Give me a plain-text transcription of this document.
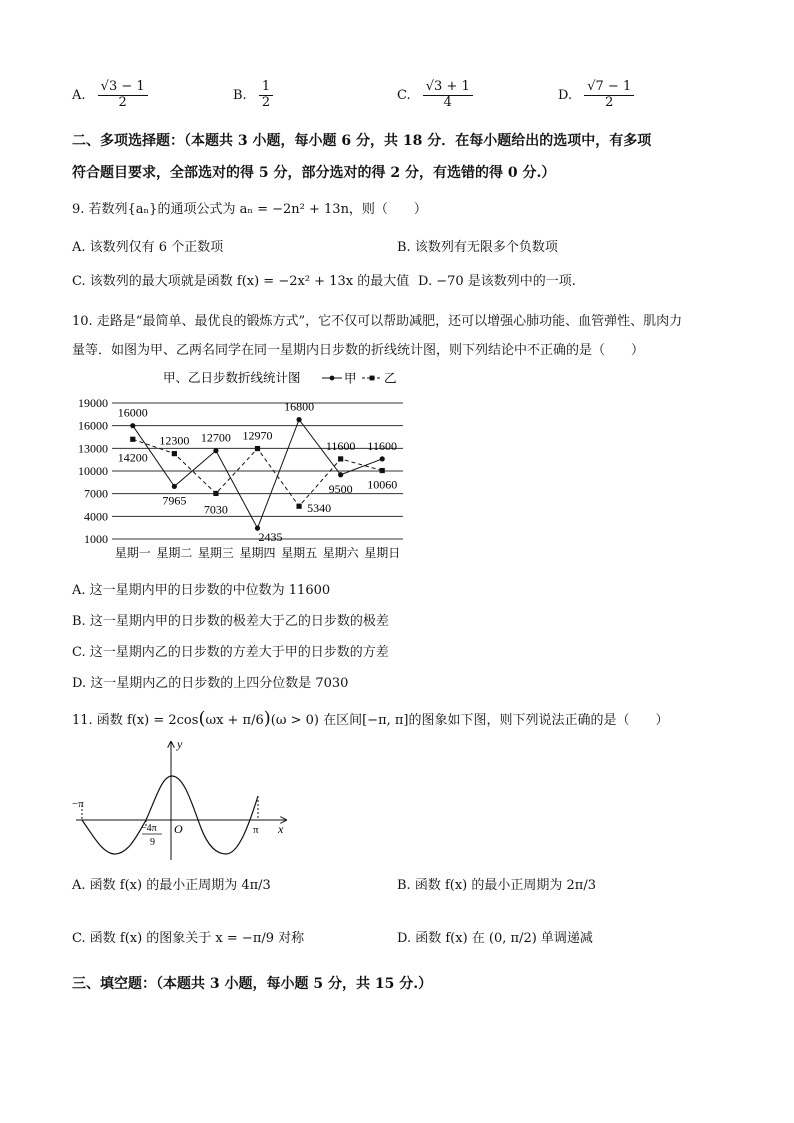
A. $\frac{√3 - 1}{2}$	B. $\frac{1}{2}$	C. $\frac{√3 + 1}{4}$	D. $\frac{√7 - 1}{2}$
二、多项选择题：（本题共 3 小题，每小题 6 分，共 18 分．在每小题给出的选项中，有多项
符合题目要求，全部选对的得 5 分，部分选对的得 2 分，有选错的得 0 分.）
9. 若数列{aₙ}的通项公式为 aₙ = −2n² + 13n，则（　　）
A. 该数列仅有 6 个正数项	B. 该数列有无限多个负数项
C. 该数列的最大项就是函数 f(x) = −2x² + 13x 的最大值 D. −70 是该数列中的一项.
10. 走路是“最简单、最优良的锻炼方式”，它不仅可以帮助减肥，还可以增强心肺功能、血管弹性、肌肉力
量等．如图为甲、乙两名同学在同一星期内日步数的折线统计图，则下列结论中不正确的是（　　）
甲、乙日步数折线统计图	甲 乙
19000
16000
13000
10000
7000
4000
1000
星期一 星期二 星期三 星期四 星期五 星期六 星期日
16000
7965
12700
2435
16800
9500
11600
14200
12300
7030
12970
5340
11600
10060
A. 这一星期内甲的日步数的中位数为 11600
B. 这一星期内甲的日步数的极差大于乙的日步数的极差
C. 这一星期内乙的日步数的方差大于甲的日步数的方差
D. 这一星期内乙的日步数的上四分位数是 7030
11. 函数 f(x) = 2cos(ωx + π/6)(ω > 0) 在区间[−π, π]的图象如下图，则下列说法正确的是（　　）
y
x
O
−π
π
−4π
9
A. 函数 f(x) 的最小正周期为 4π/3	B. 函数 f(x) 的最小正周期为 2π/3
C. 函数 f(x) 的图象关于 x = −π/9 对称	D. 函数 f(x) 在 (0, π/2) 单调递减
三、填空题：（本题共 3 小题，每小题 5 分，共 15 分.）
